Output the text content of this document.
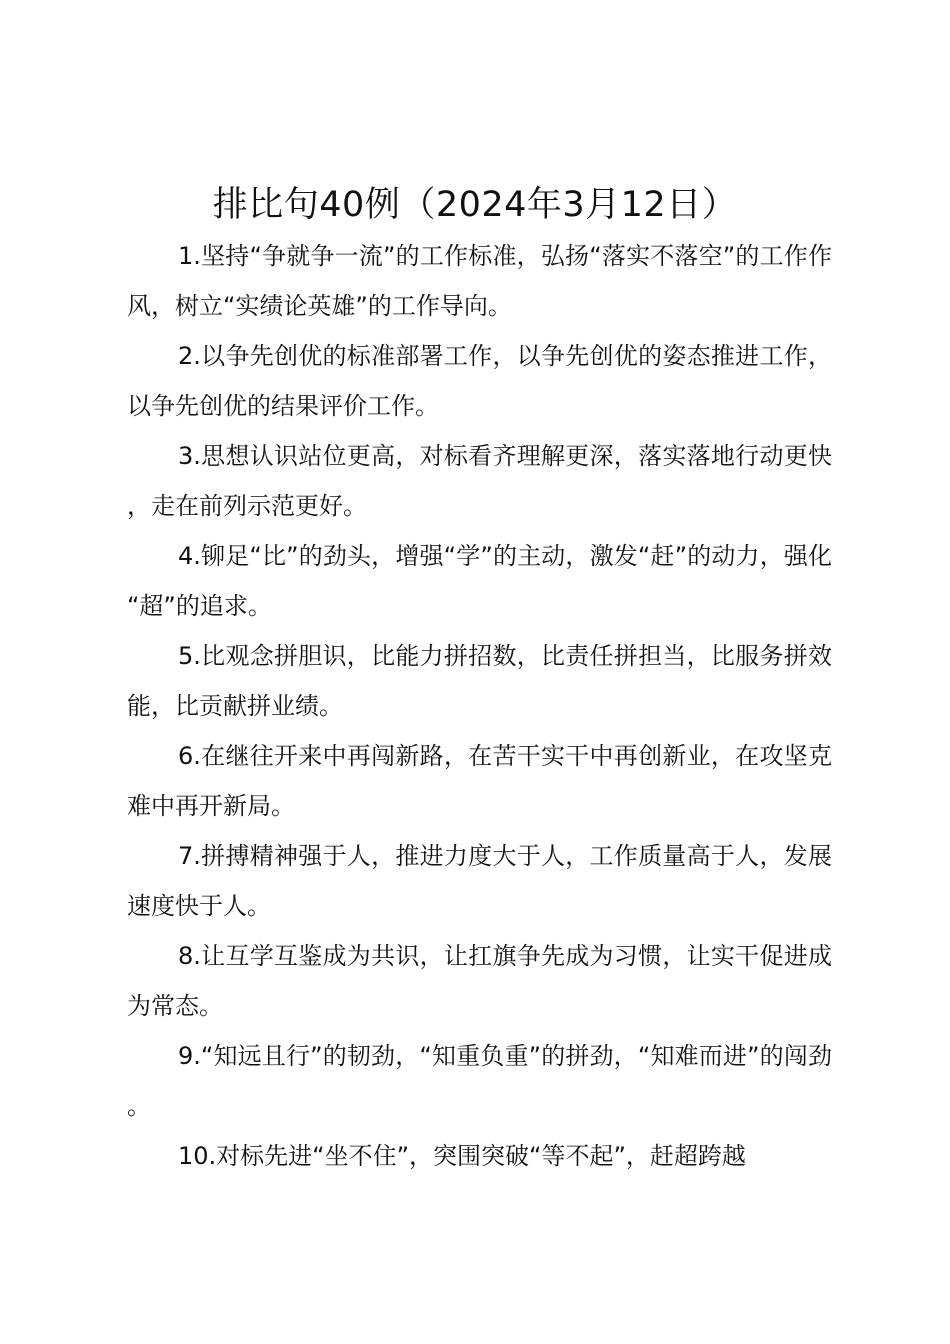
排比句40例（2024年3月12日）

1.坚持“争就争一流”的工作标准，弘扬“落实不落空”的工作作风，树立“实绩论英雄”的工作导向。

2.以争先创优的标准部署工作，以争先创优的姿态推进工作，以争先创优的结果评价工作。

3.思想认识站位更高，对标看齐理解更深，落实落地行动更快，走在前列示范更好。

4.铆足“比”的劲头，增强“学”的主动，激发“赶”的动力，强化“超”的追求。

5.比观念拼胆识，比能力拼招数，比责任拼担当，比服务拼效能，比贡献拼业绩。

6.在继往开来中再闯新路，在苦干实干中再创新业，在攻坚克难中再开新局。

7.拼搏精神强于人，推进力度大于人，工作质量高于人，发展速度快于人。

8.让互学互鉴成为共识，让扛旗争先成为习惯，让实干促进成为常态。

9.“知远且行”的韧劲，“知重负重”的拼劲，“知难而进”的闯劲。

10.对标先进“坐不住”，突围突破“等不起”，赶超跨越
